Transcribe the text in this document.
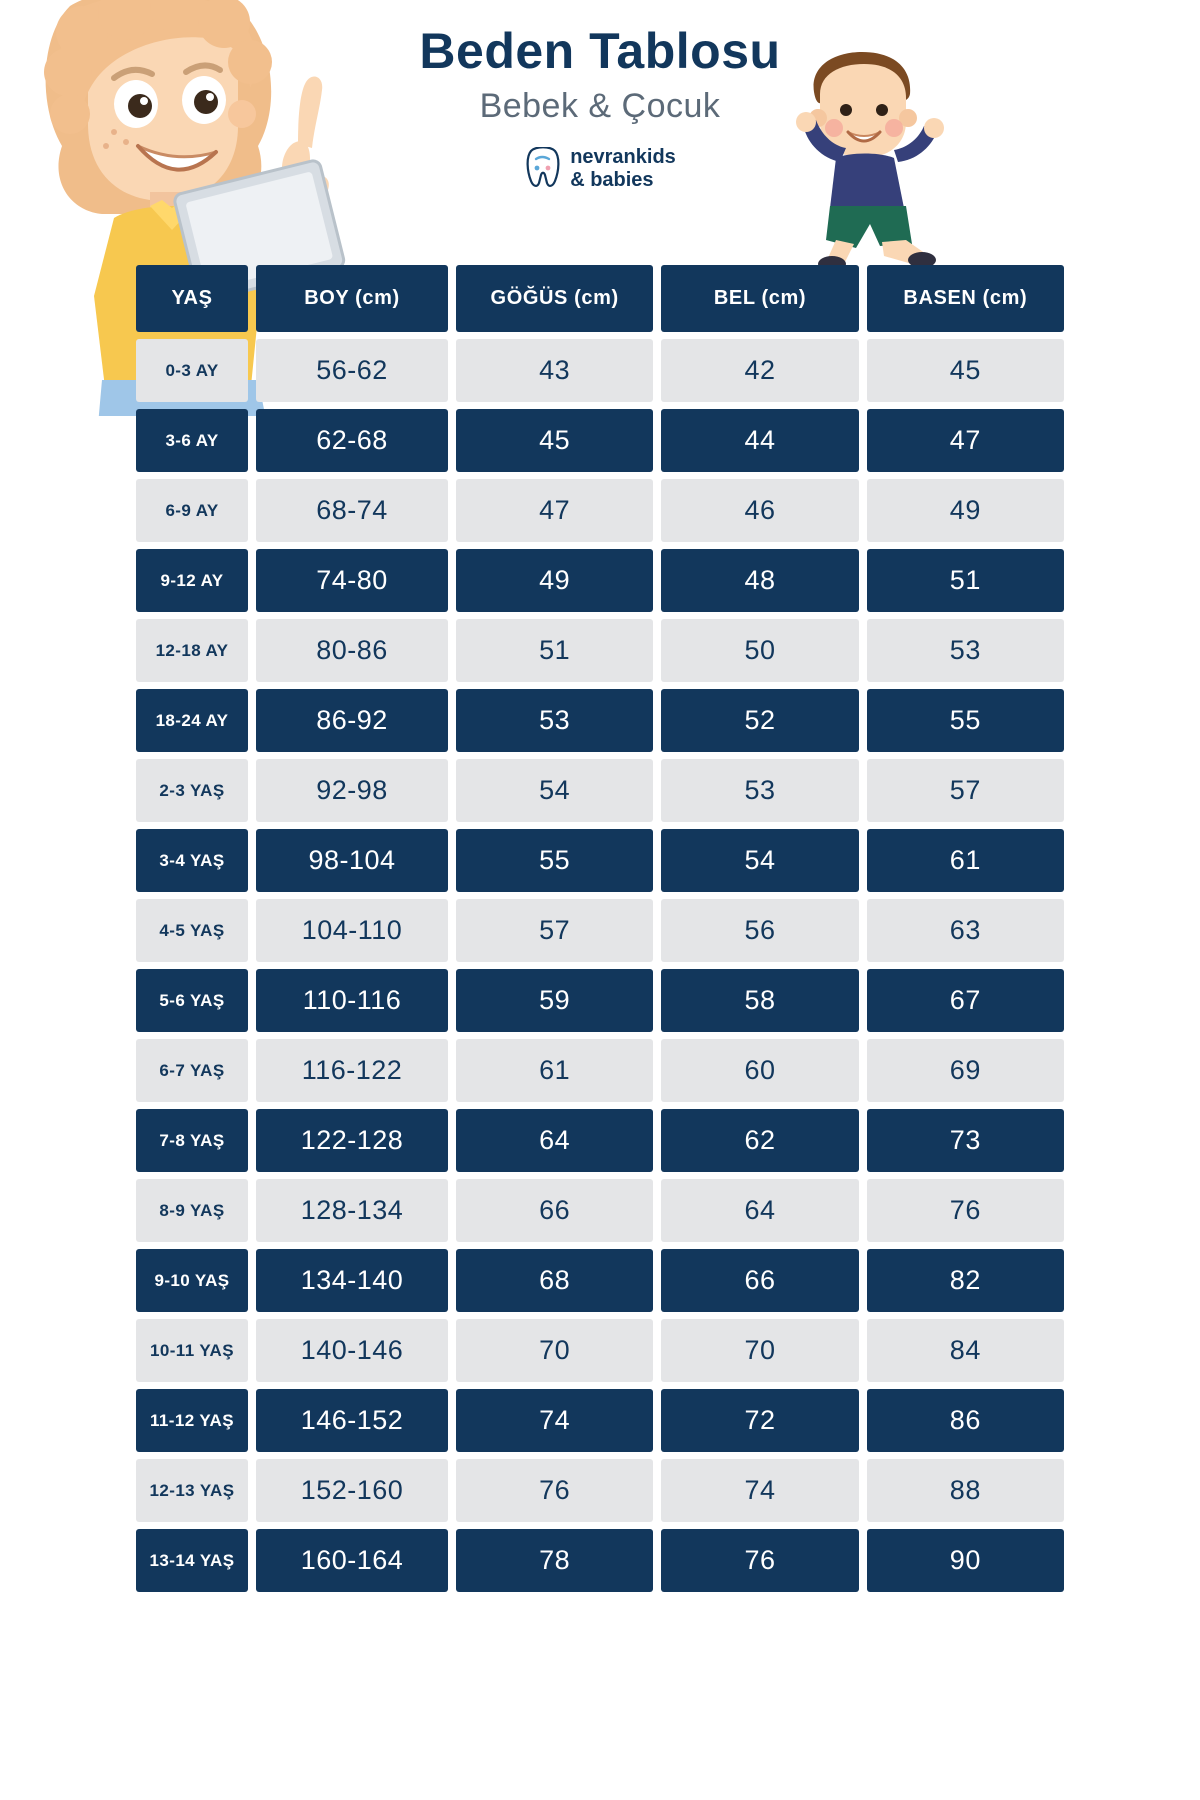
Beden Tablosu
Bebek & Çocuk
nevrankids
& babies
YAŞ	BOY (cm)	GÖĞÜS (cm)	BEL (cm)	BASEN (cm)
0-3 AY	56-62	43	42	45
3-6 AY	62-68	45	44	47
6-9 AY	68-74	47	46	49
9-12 AY	74-80	49	48	51
12-18 AY	80-86	51	50	53
18-24 AY	86-92	53	52	55
2-3 YAŞ	92-98	54	53	57
3-4 YAŞ	98-104	55	54	61
4-5 YAŞ	104-110	57	56	63
5-6 YAŞ	110-116	59	58	67
6-7 YAŞ	116-122	61	60	69
7-8 YAŞ	122-128	64	62	73
8-9 YAŞ	128-134	66	64	76
9-10 YAŞ	134-140	68	66	82
10-11 YAŞ	140-146	70	70	84
11-12 YAŞ	146-152	74	72	86
12-13 YAŞ	152-160	76	74	88
13-14 YAŞ	160-164	78	76	90
